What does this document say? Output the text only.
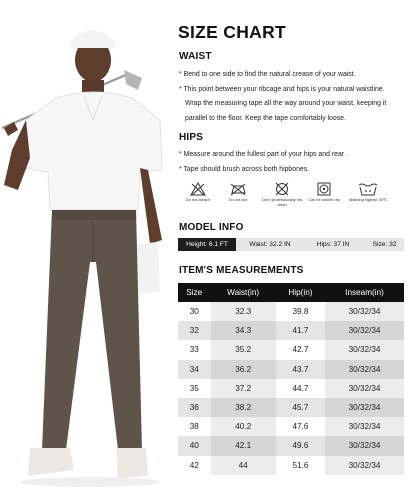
SIZE CHART
WAIST

* Bend to one side to find the natural crease of your waist.

* This point between your ribcage and hips is your natural waistline.

Wrap the measuring tape all the way around your waist, keeping it

parallel to the floor. Keep the tape comfortably loose.

HIPS

* Measure around the fullest part of your hips and rear .

* Tape should brush across both hipbones.

Do not bleach	Do not iron	Don't professionally dry clean
Can be tumble dry	Washing highest 30℃
MODEL INFO
Height: 6.1 FT	Waist: 32.2 IN	Hips: 37 IN	Size: 32
ITEM'S MEASUREMENTS
Size	Waist(in)	Hip(in)	Inseam(in)
30	32.3	39.8	30/32/34
32	34.3	41.7	30/32/34
33	35.2	42.7	30/32/34
34	36.2	43.7	30/32/34
35	37.2	44.7	30/32/34
36	38.2	45.7	30/32/34
38	40.2	47.6	30/32/34
40	42.1	49.6	30/32/34
42	44	51.6	30/32/34
